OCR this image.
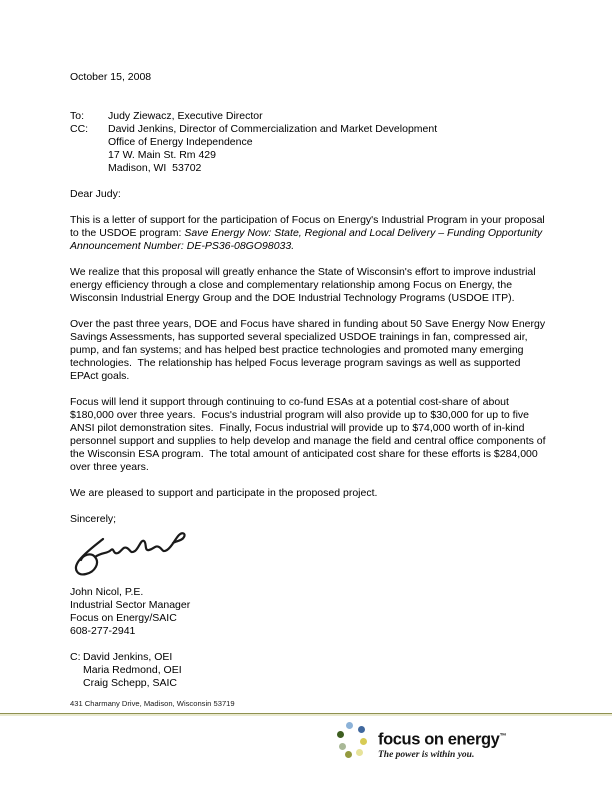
October 15, 2008
To:	Judy Ziewacz, Executive Director
CC:	David Jenkins, Director of Commercialization and Market Development
Office of Energy Independence
17 W. Main St. Rm 429
Madison, WI  53702
Dear Judy:

This is a letter of support for the participation of Focus on Energy's Industrial Program in your proposal to the USDOE program: Save Energy Now: State, Regional and Local Delivery – Funding Opportunity Announcement Number: DE-PS36-08GO98033.

We realize that this proposal will greatly enhance the State of Wisconsin's effort to improve industrial energy efficiency through a close and complementary relationship among Focus on Energy, the Wisconsin Industrial Energy Group and the DOE Industrial Technology Programs (USDOE ITP).

Over the past three years, DOE and Focus have shared in funding about 50 Save Energy Now Energy Savings Assessments, has supported several specialized USDOE trainings in fan, compressed air, pump, and fan systems; and has helped best practice technologies and promoted many emerging technologies.  The relationship has helped Focus leverage program savings as well as supported EPAct goals.

Focus will lend it support through continuing to co-fund ESAs at a potential cost-share of about $180,000 over three years.  Focus's industrial program will also provide up to $30,000 for up to five ANSI pilot demonstration sites.  Finally, Focus industrial will provide up to $74,000 worth of in-kind personnel support and supplies to help develop and manage the field and central office components of the Wisconsin ESA program.  The total amount of anticipated cost share for these efforts is $284,000 over three years.

We are pleased to support and participate in the proposed project.

Sincerely;
John Nicol, P.E.
Industrial Sector Manager
Focus on Energy/SAIC
608-277-2941
C: David Jenkins, OEI
Maria Redmond, OEI
Craig Schepp, SAIC
431 Charmany Drive, Madison, Wisconsin 53719
focus on energy™
The power is within you.
